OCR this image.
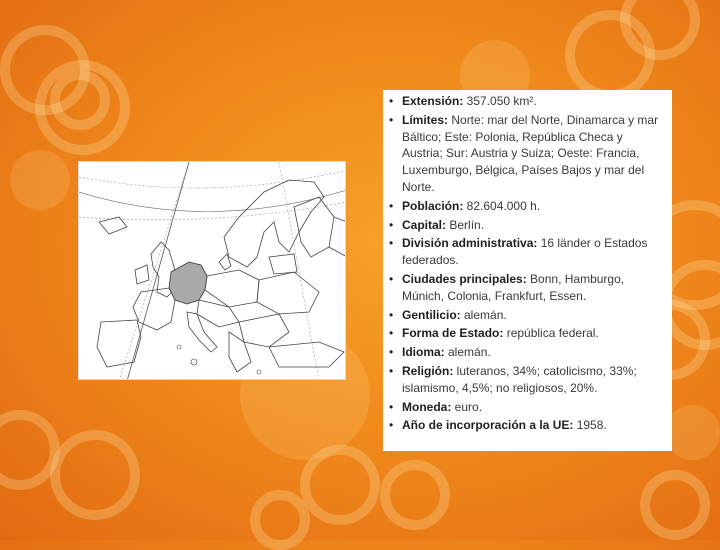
• Extensión: 357.050 km².
• Límites: Norte: mar del Norte, Dinamarca y mar Báltico; Este: Polonia, República Checa y Austria; Sur: Austria y Suiza; Oeste: Francia, Luxemburgo, Bélgica, Países Bajos y mar del Norte.
• Población: 82.604.000 h.
• Capital: Berlín.
• División administrativa: 16 länder o Estados federados.
• Ciudades principales: Bonn, Hamburgo, Múnich, Colonia, Frankfurt, Essen.
• Gentilicio: alemán.
• Forma de Estado: república federal.
• Idioma: alemán.
• Religión: luteranos, 34%; catolicismo, 33%; islamismo, 4,5%; no religiosos, 20%.
• Moneda: euro.
• Año de incorporación a la UE: 1958.
